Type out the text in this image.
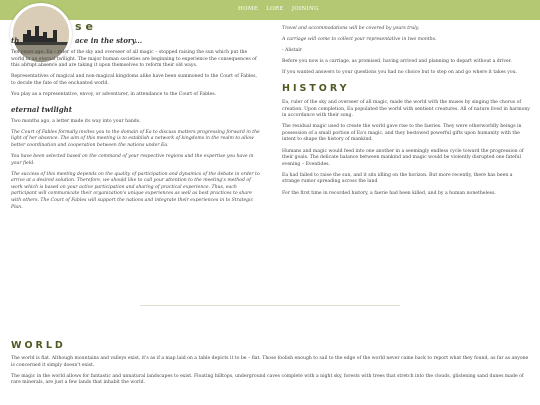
HOME LORE JOINING
se
th	ace in the story...

Ten years ago, Ea – ruler of the sky and overseer of all magic – stopped raising the sun which put the world in an eternal twilight. The major human societies are beginning to experience the consequences of this abrupt absence and are taking it upon themselves to reform their old ways.

Representatives of magical and non-magical kingdoms alike have been summoned to the Court of Fables, to decide the fate of the enchanted world.

You play as a representative, envoy, or adventurer, in attendance to the Court of Fables.

eternal twilight

Two months ago, a letter made its way into your hands.

The Court of Fables formally invites you to the domain of Ea to discuss matters progressing forward in the light of her absence. The aim of this meeting is to establish a network of kingdoms in the realm to allow better coordination and cooperation between the nations under Ea.

You have been selected based on the command of your respective regions and the expertise you have in your field.

The success of this meeting depends on the quality of participation and dynamics of the debate in order to arrive at a desired solution. Therefore, we should like to call your attention to the meeting's method of work which is based on your active participation and sharing of practical experience. Thus, each participant will communicate their organization's unique experiences as well as best practices to share with others. The Court of Fables will support the nations and integrate their experiences in to Strategic Plan.

Travel and accommodations will be covered by yours truly.

A carriage will come to collect your representative in two months.

- Alistair

Before you now is a carriage, as promised, having arrived and planning to depart without a driver.

If you wanted answers to your questions you had no choice but to step on and go where it takes you.

HISTORY

Ea, ruler of the sky and overseer of all magic, made the world with the muses by singing the chorus of creation. Upon completion, Ea populated the world with sentient creatures. All of nature lived in harmony in accordance with their song.

The residual magic used to create the world gave rise to the faeries. They were otherworldly beings in possession of a small portion of Ea's magic, and they bestowed powerful gifts upon humanity with the intent to shape the history of mankind.

Humans and magic would feed into one another in a seemingly endless cycle toward the progression of their goals. The delicate balance between mankind and magic would be violently disrupted one fateful evening – Eventides.

Ea had failed to raise the sun, and it sits idling on the horizon. But more recently, there has been a strange rumor spreading across the land

For the first time in recorded history, a faerie had been killed, and by a human nonetheless.

WORLD

The world is flat. Although mountains and valleys exist, it's as if a map laid on a table depicts it to be – flat. Those foolish enough to sail to the edge of the world never came back to report what they found, as far as anyone is concerned it simply doesn't exist.

The magic in the world allows for fantastic and unnatural landscapes to exist. Floating hilltops, underground caves complete with a night sky, forests with trees that stretch into the clouds, glistening sand dunes made of rare minerals, are just a few lands that inhabit the world.
